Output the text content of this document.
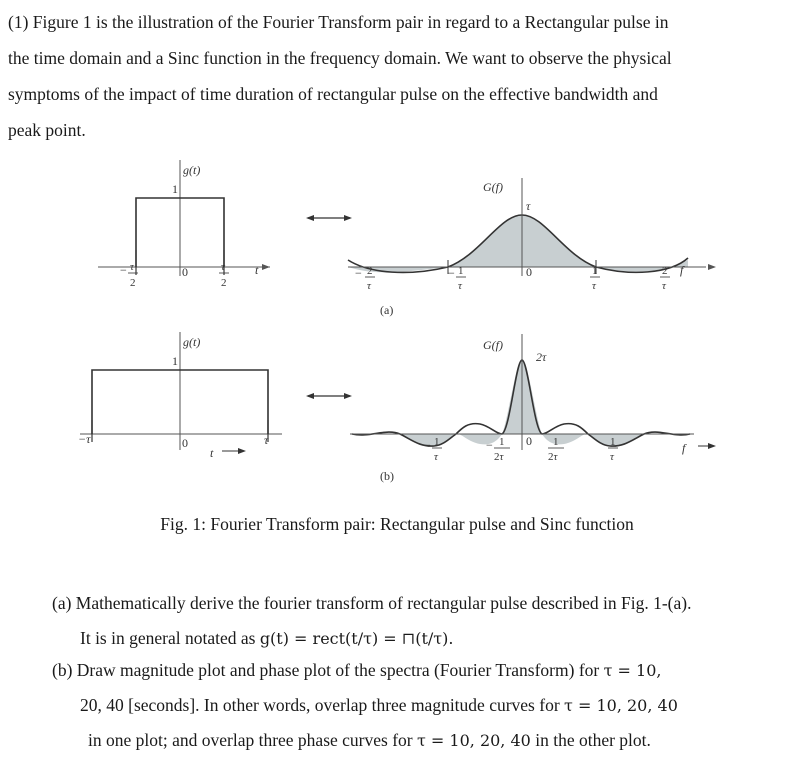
(1) Figure 1 is the illustration of the Fourier Transform pair in regard to a Rectangular pulse in
the time domain and a Sinc function in the frequency domain. We want to observe the physical
symptoms of the impact of time duration of rectangular pulse on the effective bandwidth and
peak point.
g(t)
1
0	t
− τ
2
τ
2
G(f)
τ
0	f
− 2
τ
− 1
τ
1
τ
2
τ
(a)
g(t)
1
0
−τ	τ
t
G(f)
2τ
0	f
− 1
τ
− 1
2τ
1
2τ
1
τ
(b)
Fig. 1: Fourier Transform pair: Rectangular pulse and Sinc function
(a) Mathematically derive the fourier transform of rectangular pulse described in Fig. 1-(a).
It is in general notated as g(t) = rect(t/τ) = ⊓(t/τ).
(b) Draw magnitude plot and phase plot of the spectra (Fourier Transform) for τ = 10,
20, 40 [seconds]. In other words, overlap three magnitude curves for τ = 10, 20, 40
in one plot; and overlap three phase curves for τ = 10, 20, 40 in the other plot.
